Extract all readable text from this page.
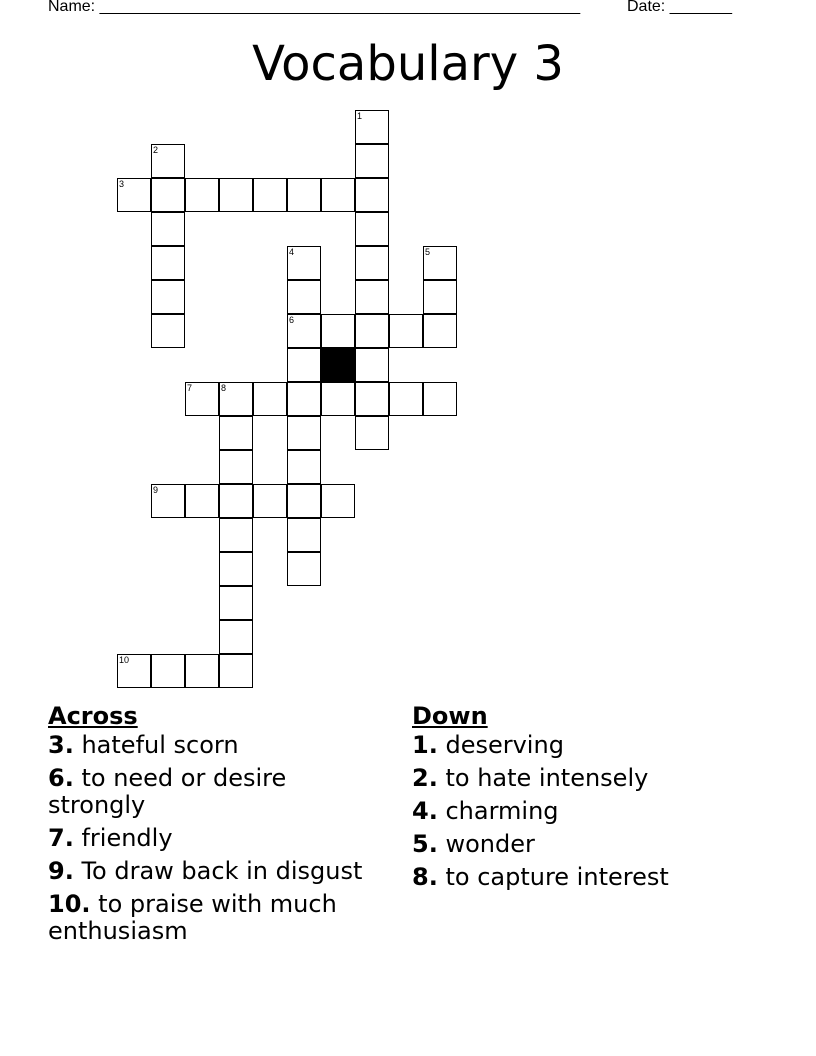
Name: ______________________________________________________	Date: _______
Vocabulary 3
1
2
3
4
6
5
7	8
9
10
Across
3. hateful scorn
6. to need or desire strongly
7. friendly
9. To draw back in disgust
10. to praise with much enthusiasm
Down
1. deserving
2. to hate intensely
4. charming
5. wonder
8. to capture interest
